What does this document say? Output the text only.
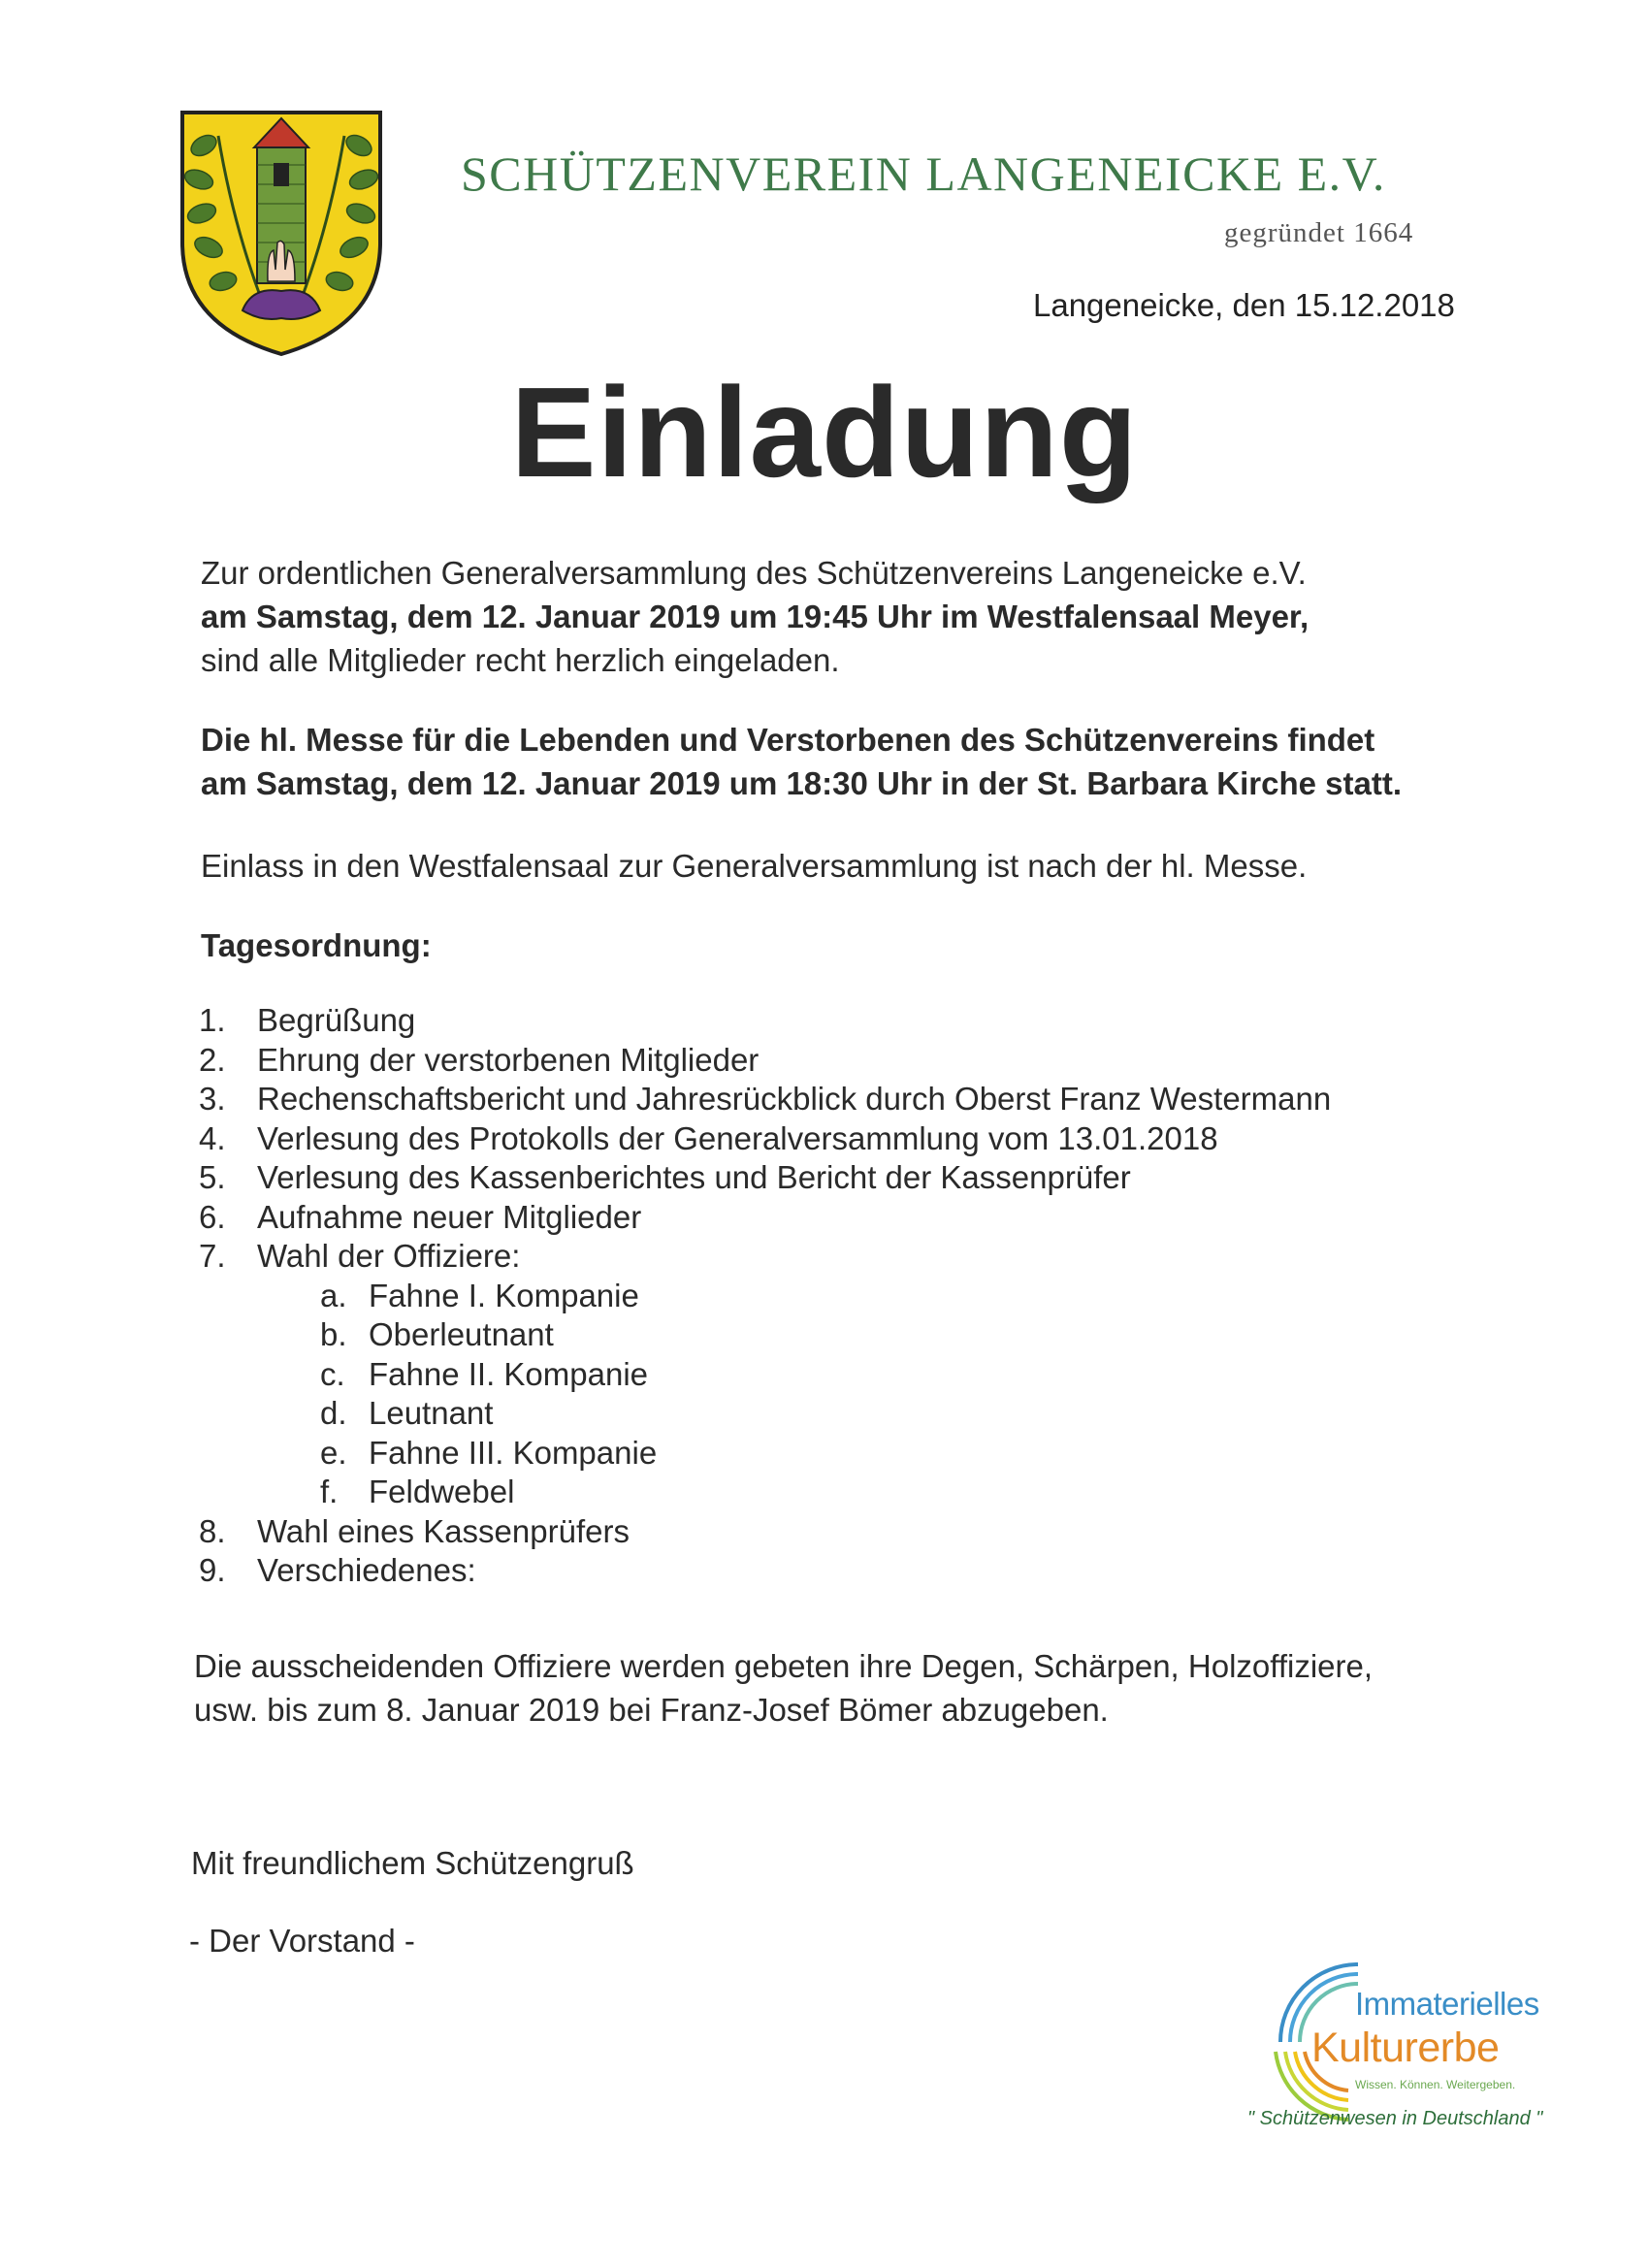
SCHÜTZENVEREIN LANGENEICKE E.V.
gegründet 1664
Langeneicke, den 15.12.2018
Einladung
Zur ordentlichen Generalversammlung des Schützenvereins Langeneicke e.V.
am Samstag, dem 12. Januar 2019 um 19:45 Uhr im Westfalensaal Meyer,
sind alle Mitglieder recht herzlich eingeladen.
Die hl. Messe für die Lebenden und Verstorbenen des Schützenvereins findet
am Samstag, dem 12. Januar 2019 um 18:30 Uhr in der St. Barbara Kirche statt.
Einlass in den Westfalensaal zur Generalversammlung ist nach der hl. Messe.
Tagesordnung:
1. Begrüßung
2. Ehrung der verstorbenen Mitglieder
3. Rechenschaftsbericht und Jahresrückblick durch Oberst Franz Westermann
4. Verlesung des Protokolls der Generalversammlung vom 13.01.2018
5. Verlesung des Kassenberichtes und Bericht der Kassenprüfer
6. Aufnahme neuer Mitglieder
7. Wahl der Offiziere:
a. Fahne I. Kompanie
b. Oberleutnant
c. Fahne II. Kompanie
d. Leutnant
e. Fahne III. Kompanie
f. Feldwebel
8. Wahl eines Kassenprüfers
9. Verschiedenes:
Die ausscheidenden Offiziere werden gebeten ihre Degen, Schärpen, Holzoffiziere,
usw. bis zum 8. Januar 2019 bei Franz-Josef Bömer abzugeben.
Mit freundlichem Schützengruß
- Der Vorstand -
Immaterielles
Kulturerbe
Wissen. Können. Weitergeben.
" Schützenwesen in Deutschland "
